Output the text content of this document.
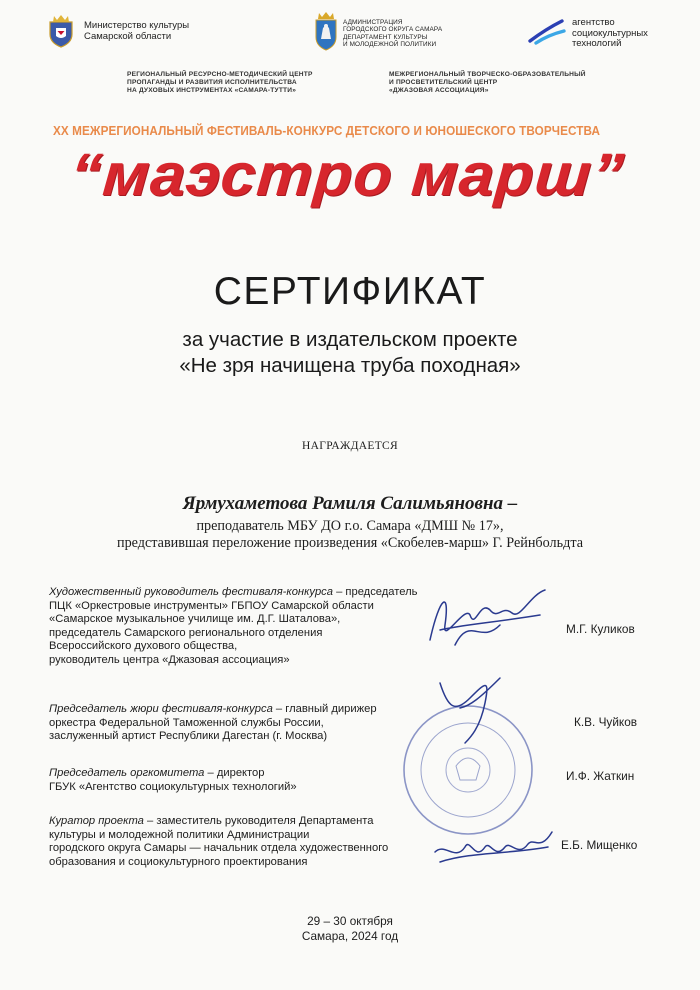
Министерство культуры
Самарской области
АДМИНИСТРАЦИЯ
ГОРОДСКОГО ОКРУГА САМАРА
ДЕПАРТАМЕНТ КУЛЬТУРЫ
И МОЛОДЕЖНОЙ ПОЛИТИКИ
агентство
социокультурных
технологий
РЕГИОНАЛЬНЫЙ РЕСУРСНО-МЕТОДИЧЕСКИЙ ЦЕНТР
ПРОПАГАНДЫ И РАЗВИТИЯ ИСПОЛНИТЕЛЬСТВА
НА ДУХОВЫХ ИНСТРУМЕНТАХ «САМАРА-ТУТТИ»
МЕЖРЕГИОНАЛЬНЫЙ ТВОРЧЕСКО-ОБРАЗОВАТЕЛЬНЫЙ
И ПРОСВЕТИТЕЛЬСКИЙ ЦЕНТР
«ДЖАЗОВАЯ АССОЦИАЦИЯ»
XX МЕЖРЕГИОНАЛЬНЫЙ ФЕСТИВАЛЬ-КОНКУРС ДЕТСКОГО И ЮНОШЕСКОГО ТВОРЧЕСТВА
“маэстро марш”
СЕРТИФИКАТ
за участие в издательском проекте
«Не зря начищена труба походная»
НАГРАЖДАЕТСЯ
Ярмухаметова Рамиля Салимьяновна –
преподаватель МБУ ДО г.о. Самара «ДМШ № 17»,
представившая переложение произведения «Скобелев-марш» Г. Рейнбольдта
Художественный руководитель фестиваля-конкурса – председатель
ПЦК «Оркестровые инструменты» ГБПОУ Самарской области
«Самарское музыкальное училище им. Д.Г. Шаталова»,
председатель Самарского регионального отделения
Всероссийского духового общества,
руководитель центра «Джазовая ассоциация»
М.Г. Куликов
Председатель жюри фестиваля-конкурса – главный дирижер
оркестра Федеральной Таможенной службы России,
заслуженный артист Республики Дагестан (г. Москва)
К.В. Чуйков
Председатель оргкомитета – директор
ГБУК «Агентство социокультурных технологий»
И.Ф. Жаткин
Куратор проекта – заместитель руководителя Департамента
культуры и молодежной политики Администрации
городского округа Самары — начальник отдела художественного
образования и социокультурного проектирования
Е.Б. Мищенко
29 – 30 октября
Самара, 2024 год
